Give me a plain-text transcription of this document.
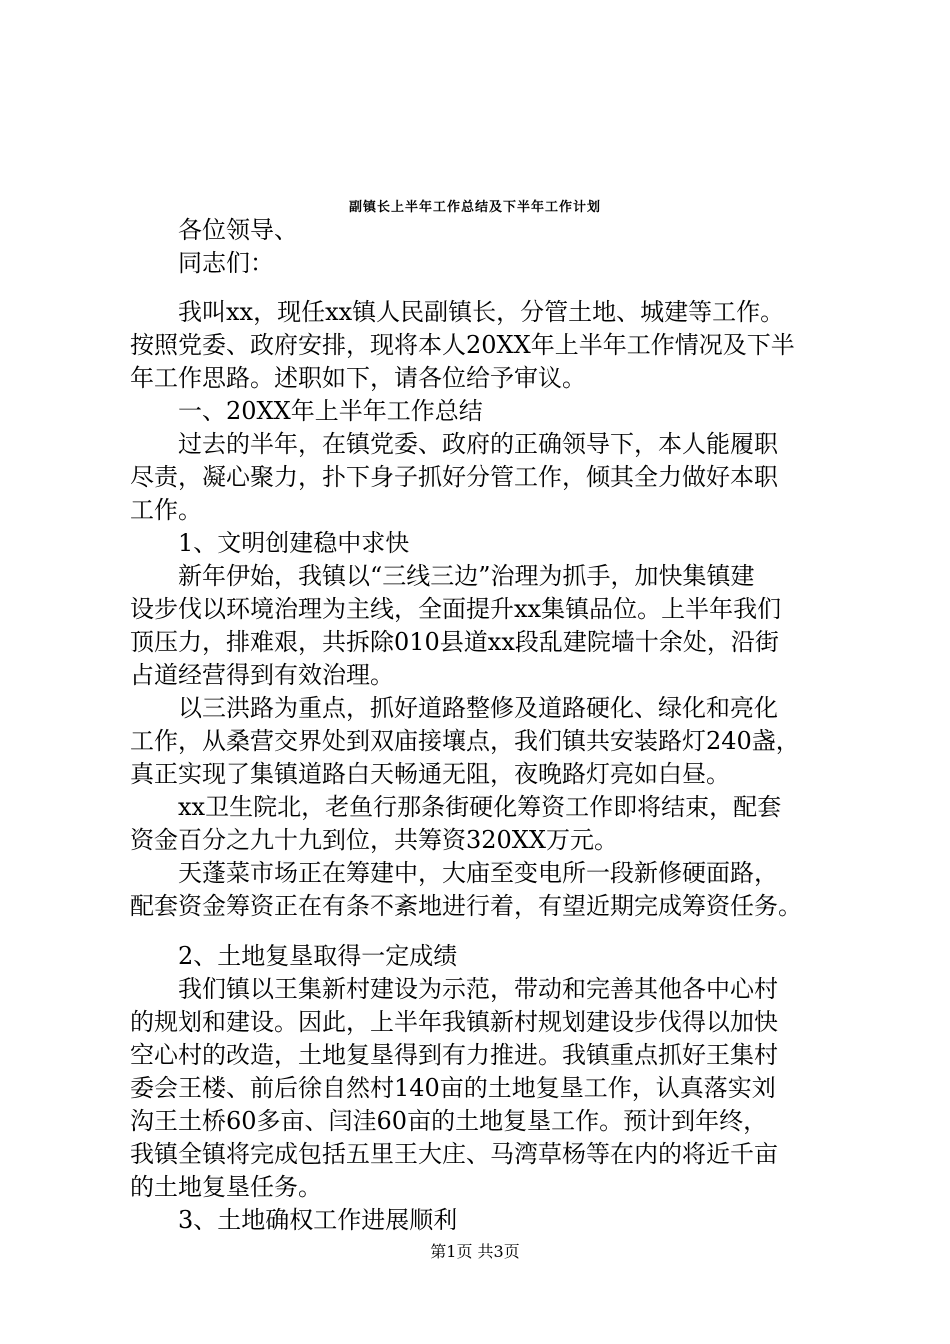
副镇长上半年工作总结及下半年工作计划
各位领导、
同志们：
我叫xx，现任xx镇人民副镇长，分管土地、城建等工作。
按照党委、政府安排，现将本人20XX年上半年工作情况及下半
年工作思路。述职如下，请各位给予审议。
一、20XX年上半年工作总结
过去的半年，在镇党委、政府的正确领导下，本人能履职
尽责，凝心聚力，扑下身子抓好分管工作，倾其全力做好本职
工作。
1、文明创建稳中求快
新年伊始，我镇以“三线三边”治理为抓手，加快集镇建
设步伐以环境治理为主线，全面提升xx集镇品位。上半年我们
顶压力，排难艰，共拆除010县道xx段乱建院墙十余处，沿街
占道经营得到有效治理。
以三洪路为重点，抓好道路整修及道路硬化、绿化和亮化
工作，从桑营交界处到双庙接壤点，我们镇共安装路灯240盏，
真正实现了集镇道路白天畅通无阻，夜晚路灯亮如白昼。
xx卫生院北，老鱼行那条街硬化筹资工作即将结束，配套
资金百分之九十九到位，共筹资320XX万元。
天蓬菜市场正在筹建中，大庙至变电所一段新修硬面路，
配套资金筹资正在有条不紊地进行着，有望近期完成筹资任务。
2、土地复垦取得一定成绩
我们镇以王集新村建设为示范，带动和完善其他各中心村
的规划和建设。因此，上半年我镇新村规划建设步伐得以加快
空心村的改造，土地复垦得到有力推进。我镇重点抓好王集村
委会王楼、前后徐自然村140亩的土地复垦工作，认真落实刘
沟王土桥60多亩、闫洼60亩的土地复垦工作。预计到年终，
我镇全镇将完成包括五里王大庄、马湾草杨等在内的将近千亩
的土地复垦任务。
3、土地确权工作进展顺利
第1页 共3页
